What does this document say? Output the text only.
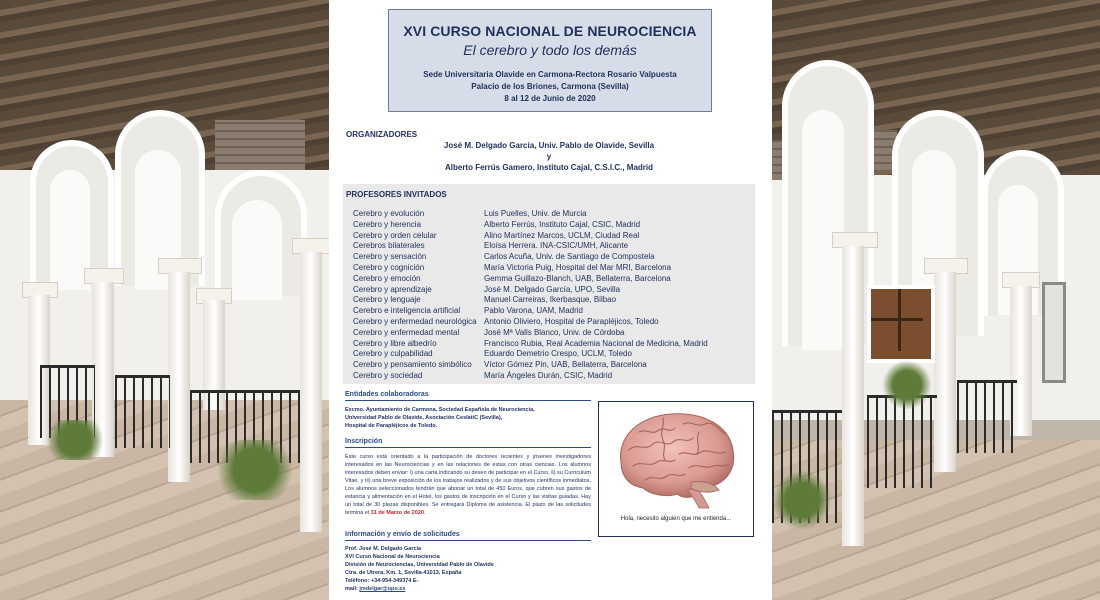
XVI CURSO NACIONAL DE NEUROCIENCIA
El cerebro y todo los demás
Sede Universitaria Olavide en Carmona-Rectora Rosario Valpuesta
Palacio de los Briones, Carmona (Sevilla)
8 al 12 de Junio de 2020
ORGANIZADORES
José M. Delgado García, Univ. Pablo de Olavide, Sevilla
y
Alberto Ferrús Gamero, Instituto Cajal, C.S.I.C., Madrid
PROFESORES INVITADOS
Cerebro y evolución	Luis Puelles, Univ. de Murcia
Cerebro y herencia	Alberto Ferrús, Instituto Cajal, CSIC, Madrid
Cerebro y orden celular	Alino Martínez Marcos, UCLM, Ciudad Real
Cerebros bilaterales	Eloísa Herrera. INA-CSIC/UMH, Alicante
Cerebro y sensación	Carlos Acuña, Univ. de Santiago de Compostela
Cerebro y cognición	María Victoria Puig, Hospital del Mar MRI, Barcelona
Cerebro y emoción	Gemma Guillazo-Blanch, UAB, Bellaterra, Barcelona
Cerebro y aprendizaje	José M. Delgado García, UPO, Sevilla
Cerebro y lenguaje	Manuel Carreiras, Ikerbasque, Bilbao
Cerebro e inteligencia artificial	Pablo Varona, UAM, Madrid
Cerebro y enfermedad neurológica Antonio Oliviero, Hospital de Parapléjicos, Toledo
Cerebro y enfermedad mental	José Mª Valls Blanco, Univ. de Córdoba
Cerebro y libre albedrío	Francisco Rubia, Real Academia Nacional de Medicina, Madrid
Cerebro y culpabilidad	Eduardo Demetrio Crespo, UCLM, Toledo
Cerebro y pensamiento simbólico Víctor Gómez Pin, UAB, Bellaterra, Barcelona
Cerebro y sociedad	María Ángeles Durán, CSIC, Madrid
Entidades colaboradoras
Excmo. Ayuntamiento de Carmona, Sociedad Española de Neurociencia,
Universidad Pablo de Olavide, Asociación CesIatiC (Sevilla),
Hospital de Parapléjicos de Toledo.
Inscripción
Este curso está orientado a la participación de doctores recientes y jóvenes investigadores interesados en las Neurociencias y en las relaciones de estas con otras ciencias. Los alumnos interesados deben enviar: i) una carta indicando su deseo de participar en el Curso, ii) su Curriculum Vitae, y iii) una breve exposición de los trabajos realizados y de sus objetivos científicos inmediatos. Los alumnos seleccionados tendrán que abonar un total de 450 Euros, que cubren sus gastos de estancia y alimentación en el Hotel, los gastos de inscripción en el Curso y las visitas guiadas. Hay un total de 30 plazas disponibles. Se entregará Diploma de asistencia. El plazo de las solicitudes termina el 31 de Marzo de 2020.
Información y envío de solicitudes
Prof. José M. Delgado García
XVI Curso Nacional de Neurociencia
División de Neurociencias, Universidad Pablo de Olavide
Ctra. de Utrera, Km. 1, Sevilla-41013, España
Teléfono: +34-954-349374 E-
mail: jmdelgar@upo.es
Hola, necesito alguien que me entienda...
